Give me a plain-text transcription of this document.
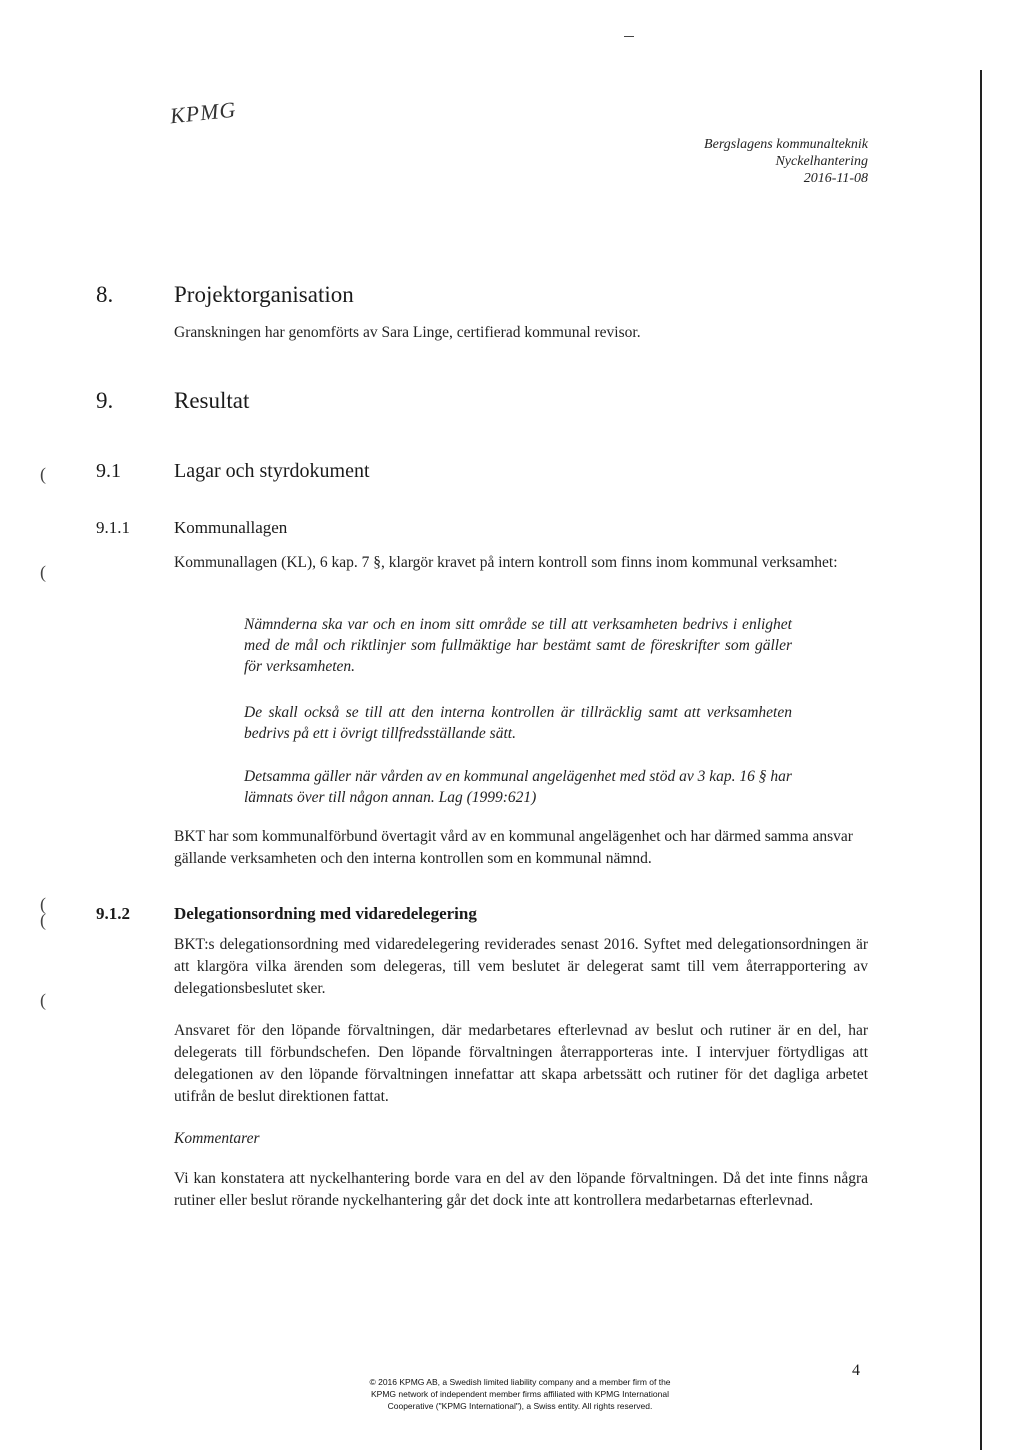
KPMG
Bergslagens kommunalteknik
Nyckelhantering
2016-11-08
(
(
(
(
(
8.	Projektorganisation
Granskningen har genomförts av Sara Linge, certifierad kommunal revisor.
9.	Resultat
9.1	Lagar och styrdokument
9.1.1	Kommunallagen
Kommunallagen (KL), 6 kap. 7 §, klargör kravet på intern kontroll som finns inom kommunal verksamhet:
Nämnderna ska var och en inom sitt område se till att verksamheten bedrivs i enlighet med de mål och riktlinjer som fullmäktige har bestämt samt de föreskrifter som gäller för verksamheten.
De skall också se till att den interna kontrollen är tillräcklig samt att verksamheten bedrivs på ett i övrigt tillfredsställande sätt.
Detsamma gäller när vården av en kommunal angelägenhet med stöd av 3 kap. 16 § har lämnats över till någon annan. Lag (1999:621)
BKT har som kommunalförbund övertagit vård av en kommunal angelägenhet och har därmed samma ansvar gällande verksamheten och den interna kontrollen som en kommunal nämnd.
9.1.2	Delegationsordning med vidaredelegering
BKT:s delegationsordning med vidaredelegering reviderades senast 2016. Syftet med delegationsordningen är att klargöra vilka ärenden som delegeras, till vem beslutet är delegerat samt till vem återrapportering av delegationsbeslutet sker.
Ansvaret för den löpande förvaltningen, där medarbetares efterlevnad av beslut och rutiner är en del, har delegerats till förbundschefen. Den löpande förvaltningen återrapporteras inte. I intervjuer förtydligas att delegationen av den löpande förvaltningen innefattar att skapa arbetssätt och rutiner för det dagliga arbetet utifrån de beslut direktionen fattat.
Kommentarer
Vi kan konstatera att nyckelhantering borde vara en del av den löpande förvaltningen. Då det inte finns några rutiner eller beslut rörande nyckelhantering går det dock inte att kontrollera medarbetarnas efterlevnad.
4
© 2016 KPMG AB, a Swedish limited liability company and a member firm of the
KPMG network of independent member firms affiliated with KPMG International
Cooperative ("KPMG International"), a Swiss entity. All rights reserved.
